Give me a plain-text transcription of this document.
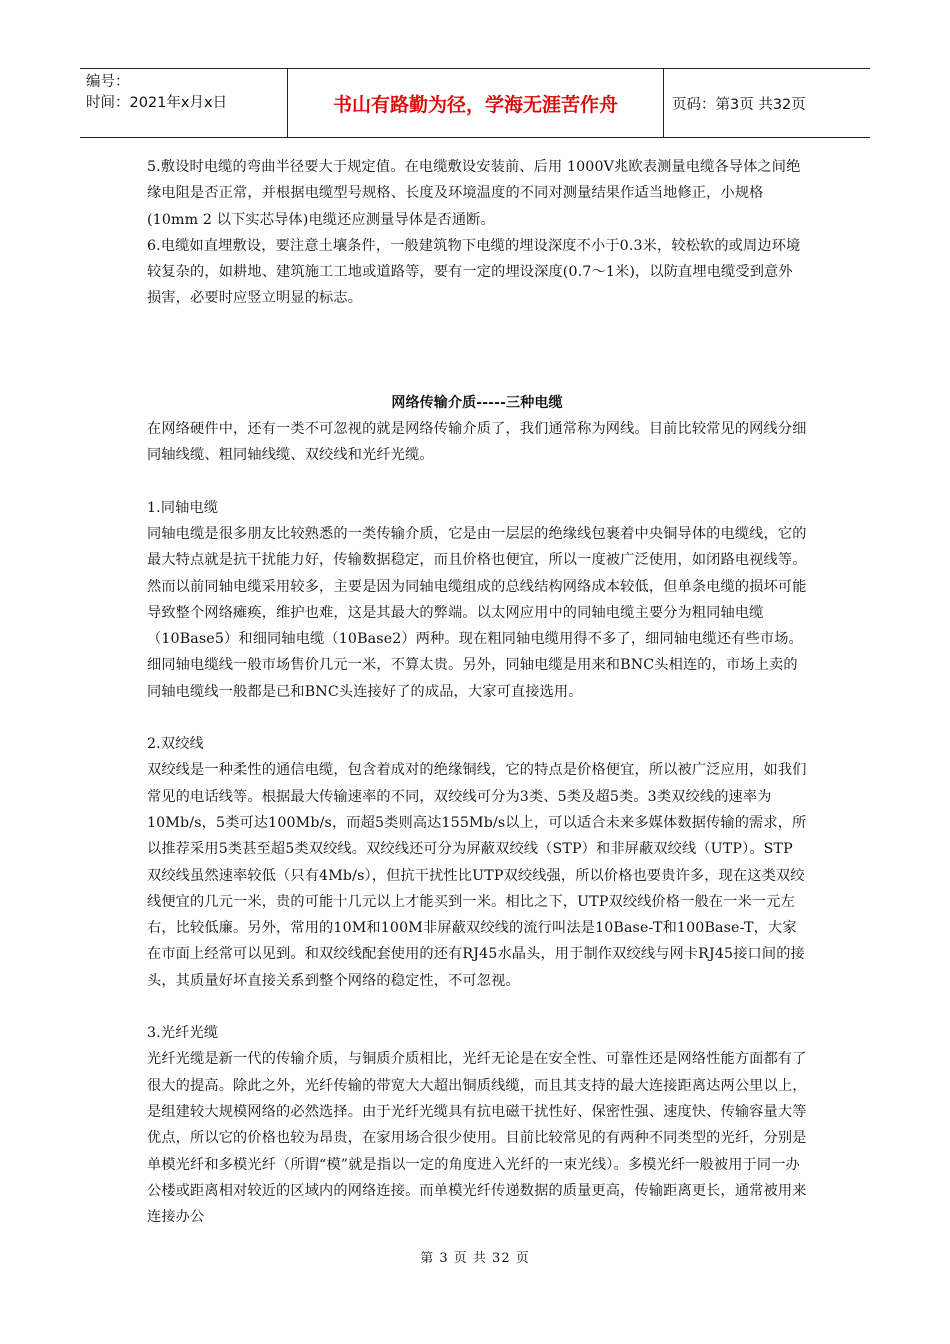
编号：
时间：2021年x月x日	书山有路勤为径，学海无涯苦作舟	页码：第3页 共32页

5.敷设时电缆的弯曲半径要大于规定值。在电缆敷设安装前、后用 1000V兆欧表测量电缆各导体之间绝缘电阻是否正常，并根据电缆型号规格、长度及环境温度的不同对测量结果作适当地修正，小规格(10mm 2 以下实芯导体)电缆还应测量导体是否通断。

6.电缆如直埋敷设，要注意土壤条件，一般建筑物下电缆的埋设深度不小于0.3米，较松软的或周边环境较复杂的，如耕地、建筑施工工地或道路等，要有一定的埋设深度(0.7～1米)，以防直埋电缆受到意外损害，必要时应竖立明显的标志。

网络传输介质-----三种电缆

在网络硬件中，还有一类不可忽视的就是网络传输介质了，我们通常称为网线。目前比较常见的网线分细同轴线缆、粗同轴线缆、双绞线和光纤光缆。

1.同轴电缆

同轴电缆是很多朋友比较熟悉的一类传输介质，它是由一层层的绝缘线包裹着中央铜导体的电缆线，它的最大特点就是抗干扰能力好，传输数据稳定，而且价格也便宜，所以一度被广泛使用，如闭路电视线等。然而以前同轴电缆采用较多，主要是因为同轴电缆组成的总线结构网络成本较低，但单条电缆的损坏可能导致整个网络瘫痪，维护也难，这是其最大的弊端。以太网应用中的同轴电缆主要分为粗同轴电缆（10Base5）和细同轴电缆（10Base2）两种。现在粗同轴电缆用得不多了，细同轴电缆还有些市场。细同轴电缆线一般市场售价几元一米，不算太贵。另外，同轴电缆是用来和BNC头相连的，市场上卖的同轴电缆线一般都是已和BNC头连接好了的成品，大家可直接选用。

2.双绞线

双绞线是一种柔性的通信电缆，包含着成对的绝缘铜线，它的特点是价格便宜，所以被广泛应用，如我们常见的电话线等。根据最大传输速率的不同，双绞线可分为3类、5类及超5类。3类双绞线的速率为10Mb/s，5类可达100Mb/s，而超5类则高达155Mb/s以上，可以适合未来多媒体数据传输的需求，所以推荐采用5类甚至超5类双绞线。双绞线还可分为屏蔽双绞线（STP）和非屏蔽双绞线（UTP）。STP双绞线虽然速率较低（只有4Mb/s），但抗干扰性比UTP双绞线强，所以价格也要贵许多，现在这类双绞线便宜的几元一米，贵的可能十几元以上才能买到一米。相比之下，UTP双绞线价格一般在一米一元左右，比较低廉。另外，常用的10M和100M非屏蔽双绞线的流行叫法是10Base-T和100Base-T，大家在市面上经常可以见到。和双绞线配套使用的还有RJ45水晶头，用于制作双绞线与网卡RJ45接口间的接头，其质量好坏直接关系到整个网络的稳定性，不可忽视。

3.光纤光缆

光纤光缆是新一代的传输介质，与铜质介质相比，光纤无论是在安全性、可靠性还是网络性能方面都有了很大的提高。除此之外，光纤传输的带宽大大超出铜质线缆，而且其支持的最大连接距离达两公里以上，是组建较大规模网络的必然选择。由于光纤光缆具有抗电磁干扰性好、保密性强、速度快、传输容量大等优点，所以它的价格也较为昂贵，在家用场合很少使用。目前比较常见的有两种不同类型的光纤，分别是单模光纤和多模光纤（所谓“模”就是指以一定的角度进入光纤的一束光线）。多模光纤一般被用于同一办公楼或距离相对较近的区域内的网络连接。而单模光纤传递数据的质量更高，传输距离更长，通常被用来连接办公

第 3 页 共 32 页
